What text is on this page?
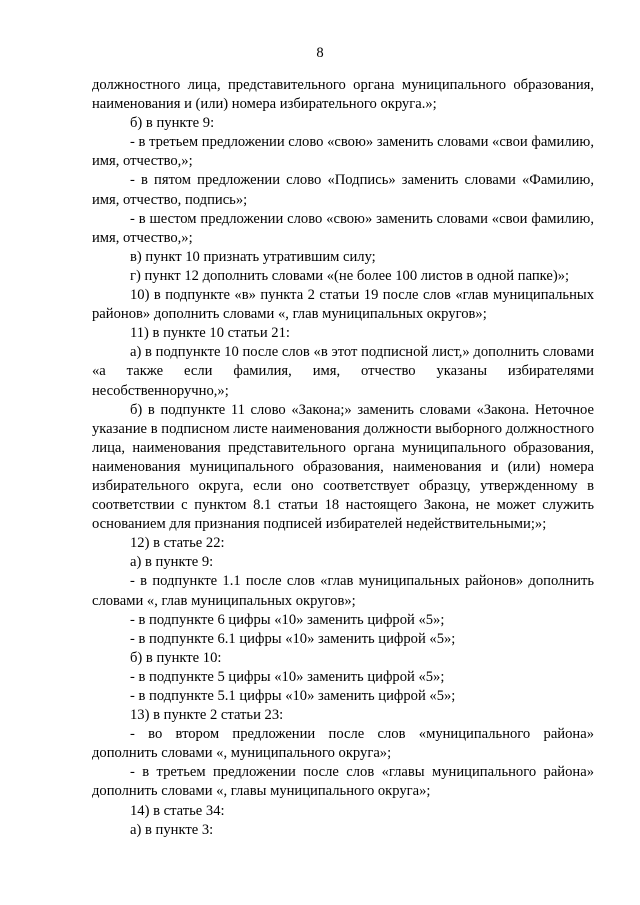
8

должностного лица, представительного органа муниципального образования, наименования и (или) номера избирательного округа.»;

б) в пункте 9:

- в третьем предложении слово «свою» заменить словами «свои фамилию, имя, отчество,»;

- в пятом предложении слово «Подпись» заменить словами «Фамилию, имя, отчество, подпись»;

- в шестом предложении слово «свою» заменить словами «свои фамилию, имя, отчество,»;

в) пункт 10 признать утратившим силу;

г) пункт 12 дополнить словами «(не более 100 листов в одной папке)»;

10) в подпункте «в» пункта 2 статьи 19 после слов «глав муниципальных районов» дополнить словами «, глав муниципальных округов»;

11) в пункте 10 статьи 21:

а) в подпункте 10 после слов «в этот подписной лист,» дополнить словами «а также если фамилия, имя, отчество указаны избирателями несобственноручно,»;

б) в подпункте 11 слово «Закона;» заменить словами «Закона. Неточное указание в подписном листе наименования должности выборного должностного лица, наименования представительного органа муниципального образования, наименования муниципального образования, наименования и (или) номера избирательного округа, если оно соответствует образцу, утвержденному в соответствии с пунктом 8.1 статьи 18 настоящего Закона, не может служить основанием для признания подписей избирателей недействительными;»;

12) в статье 22:

а) в пункте 9:

- в подпункте 1.1 после слов «глав муниципальных районов» дополнить словами «, глав муниципальных округов»;

- в подпункте 6 цифры «10» заменить цифрой «5»;

- в подпункте 6.1 цифры «10» заменить цифрой «5»;

б) в пункте 10:

- в подпункте 5 цифры «10» заменить цифрой «5»;

- в подпункте 5.1 цифры «10» заменить цифрой «5»;

13) в пункте 2 статьи 23:

- во втором предложении после слов «муниципального района» дополнить словами «, муниципального округа»;

- в третьем предложении после слов «главы муниципального района» дополнить словами «, главы муниципального округа»;

14) в статье 34:

а) в пункте 3:
